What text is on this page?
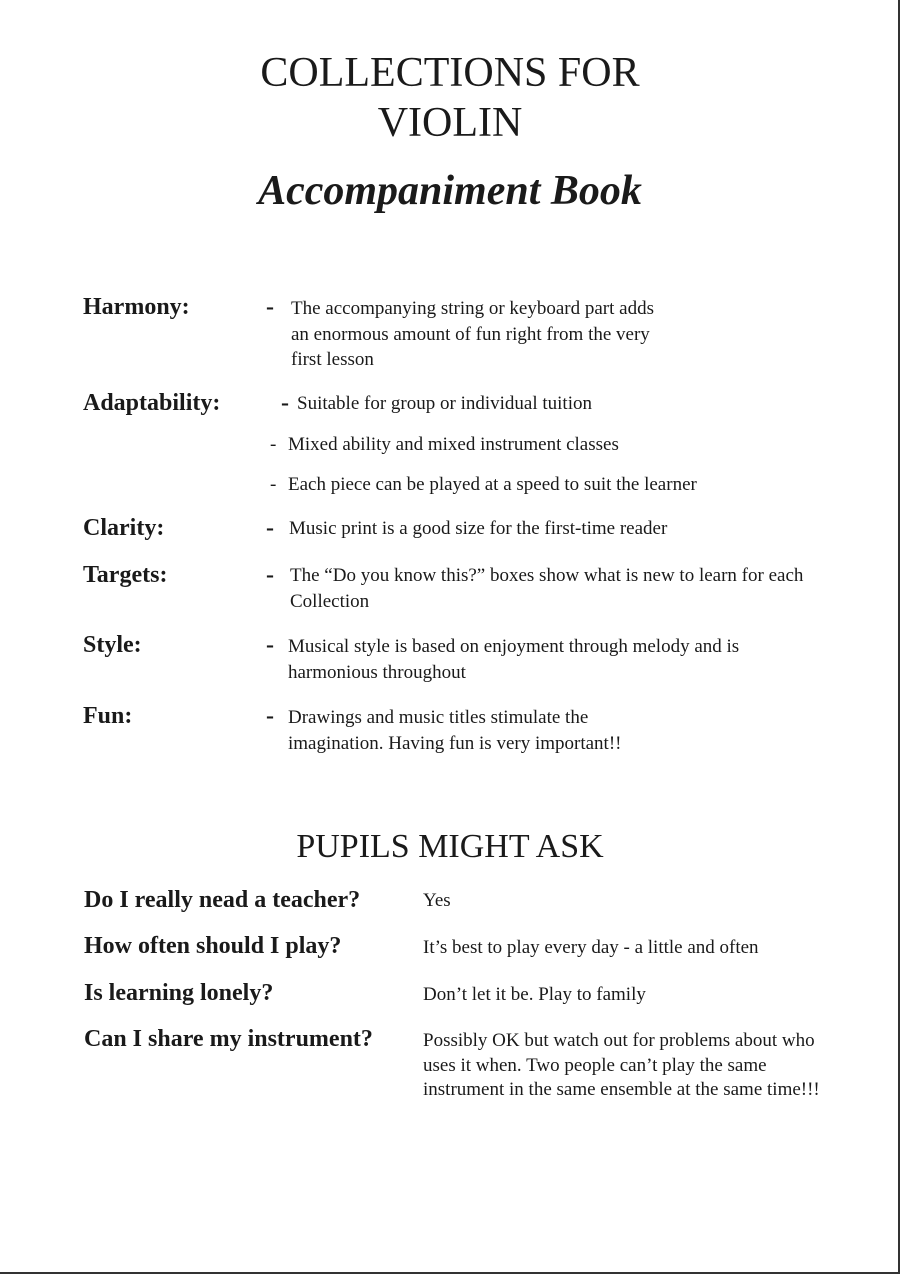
COLLECTIONS FOR
VIOLIN
Accompaniment Book
Harmony:	- The accompanying string or keyboard part adds an enormous amount of fun right from the very first lesson
Adaptability:	- Suitable for group or individual tuition
- Mixed ability and mixed instrument classes
- Each piece can be played at a speed to suit the learner
Clarity:	- Music print is a good size for the first-time reader
Targets:	- The “Do you know this?” boxes show what is new to learn for each Collection
Style:	- Musical style is based on enjoyment through melody and is harmonious throughout
Fun:	- Drawings and music titles stimulate the imagination. Having fun is very important!!
PUPILS MIGHT ASK
Do I really nead a teacher?	Yes
How often should I play?	It’s best to play every day - a little and often
Is learning lonely?	Don’t let it be. Play to family
Can I share my instrument?	Possibly OK but watch out for problems about who uses it when. Two people can’t play the same instrument in the same ensemble at the same time!!!
